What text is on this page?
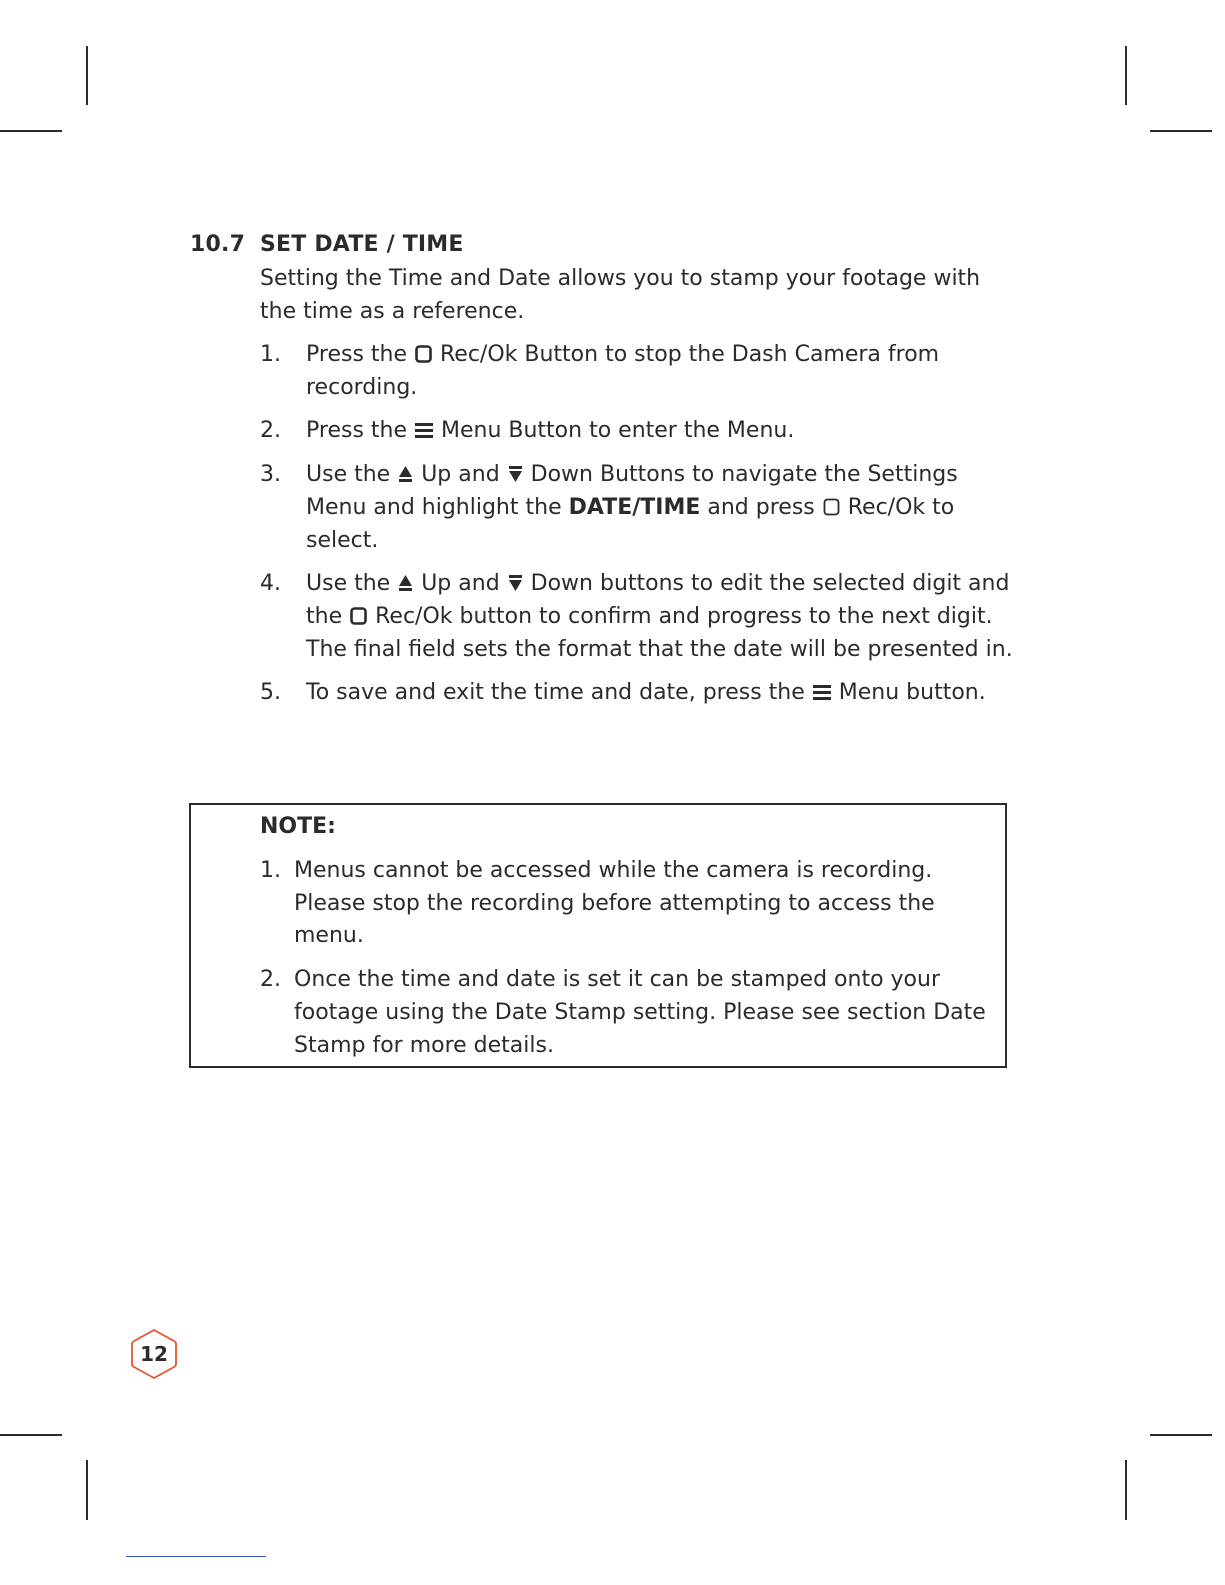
10.7 SET DATE / TIME
Setting the Time and Date allows you to stamp your footage with the time as a reference.
1. Press the Rec/Ok Button to stop the Dash Camera from recording.
2. Press the Menu Button to enter the Menu.
3. Use the Up and Down Buttons to navigate the Settings Menu and highlight the DATE/TIME and press Rec/Ok to select.
4. Use the Up and Down buttons to edit the selected digit and the Rec/Ok button to confirm and progress to the next digit. The final field sets the format that the date will be presented in.
5. To save and exit the time and date, press the Menu button.
NOTE:
1. Menus cannot be accessed while the camera is recording. Please stop the recording before attempting to access the menu.
2. Once the time and date is set it can be stamped onto your footage using the Date Stamp setting. Please see section Date Stamp for more details.
12
